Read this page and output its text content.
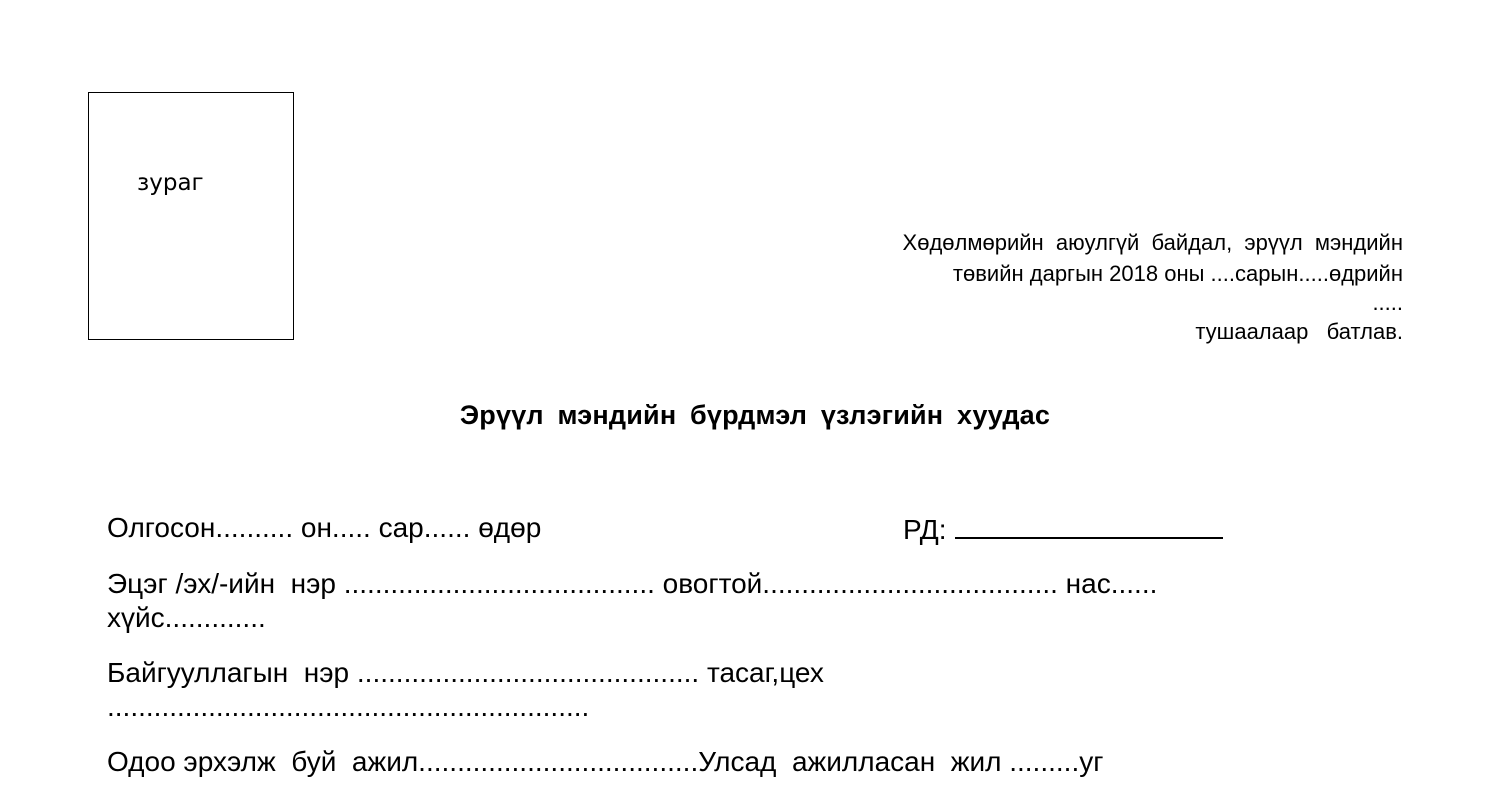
зураг
Хөдөлмөрийн  аюулгүй  байдал,  эрүүл  мэндийн
төвийн даргын 2018 оны ....сарын.....өдрийн
.....
тушаалаар   батлав.
Эрүүл мэндийн бүрдмэл үзлэгийн хуудас
Олгосон.......... он..... сар...... өдөр	РД:
Эцэг /эх/-ийн  нэр ........................................ овогтой...................................... нас......
хүйс.............
Байгууллагын  нэр ............................................ тасаг,цех
..............................................................
Одоо эрхэлж  буй  ажил....................................Улсад  ажилласан  жил .........уг
